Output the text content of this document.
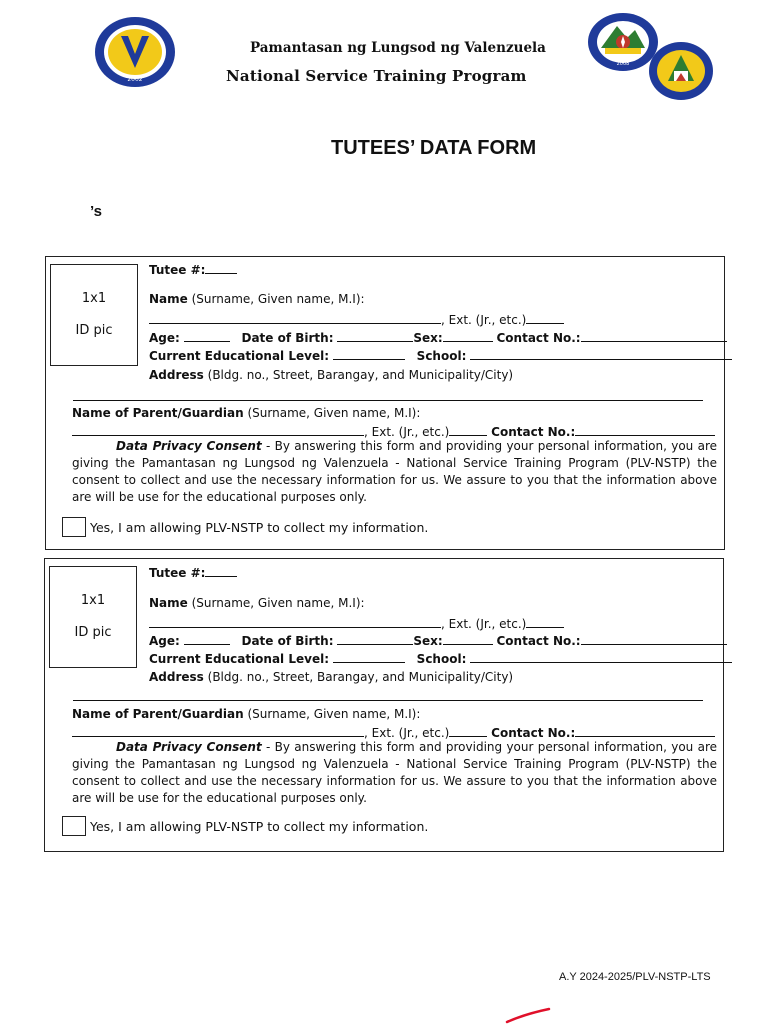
2002
2008
Pamantasan ng Lungsod ng Valenzuela
National Service Training Program
TUTEES’ DATA FORM
’s
1x1
ID pic
Tutee #:
Name (Surname, Given name, M.I):
, Ext. (Jr., etc.)
Age:	Date of Birth:	Sex:	Contact No.:
Current Educational Level:	School:
Address (Bldg. no., Street, Barangay, and Municipality/City)
Name of Parent/Guardian (Surname, Given name, M.I):
, Ext. (Jr., etc.)	Contact No.:
Data Privacy Consent - By answering this form and providing your personal information, you are giving the Pamantasan ng Lungsod ng Valenzuela - National Service Training Program (PLV-NSTP) the consent to collect and use the necessary information for us. We assure to you that the information above are will be use for the educational purposes only.
Yes, I am allowing PLV-NSTP to collect my information.
1x1
ID pic
Tutee #:
Name (Surname, Given name, M.I):
, Ext. (Jr., etc.)
Age:	Date of Birth:	Sex:	Contact No.:
Current Educational Level:	School:
Address (Bldg. no., Street, Barangay, and Municipality/City)
Name of Parent/Guardian (Surname, Given name, M.I):
, Ext. (Jr., etc.)	Contact No.:
Data Privacy Consent - By answering this form and providing your personal information, you are giving the Pamantasan ng Lungsod ng Valenzuela - National Service Training Program (PLV-NSTP) the consent to collect and use the necessary information for us. We assure to you that the information above are will be use for the educational purposes only.
Yes, I am allowing PLV-NSTP to collect my information.
A.Y 2024-2025/PLV-NSTP-LTS
